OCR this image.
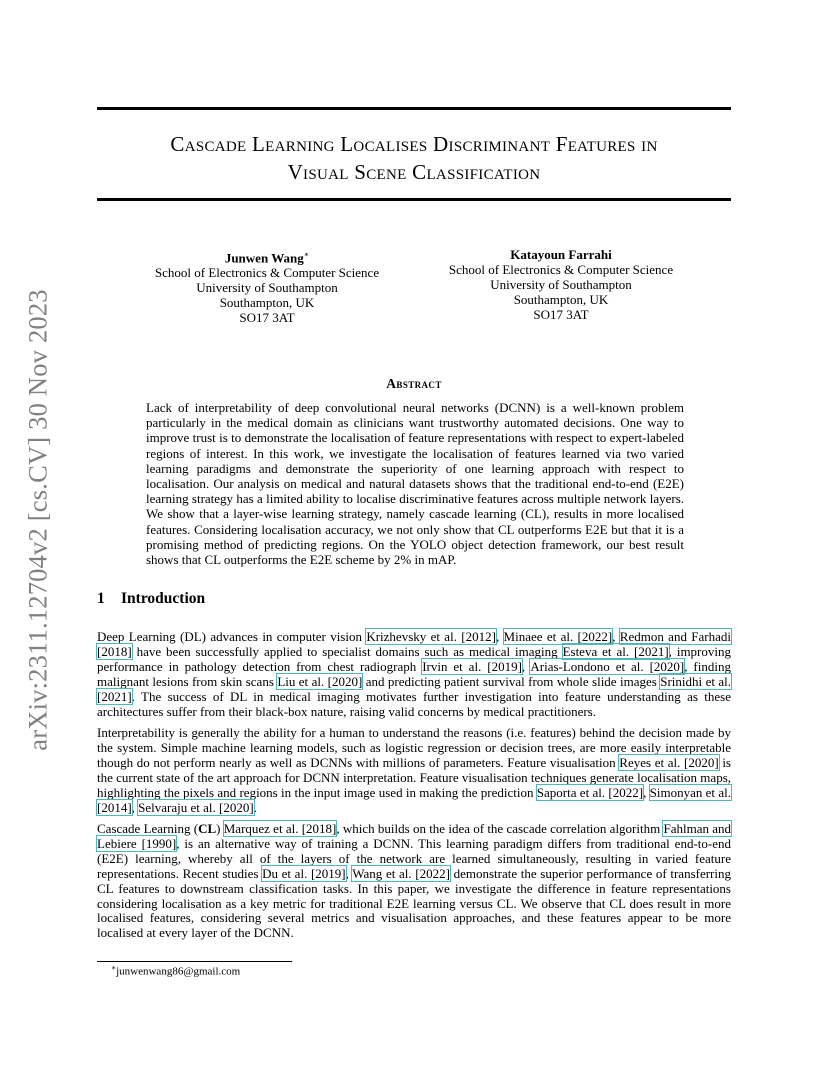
Cascade Learning Localises Discriminant Features in
Visual Scene Classification
arXiv:2311.12704v2 [cs.CV] 30 Nov 2023
Junwen Wang∗
School of Electronics & Computer Science
University of Southampton
Southampton, UK
SO17 3AT
Katayoun Farrahi
School of Electronics & Computer Science
University of Southampton
Southampton, UK
SO17 3AT
Abstract
Lack of interpretability of deep convolutional neural networks (DCNN) is a well-known problem particularly in the medical domain as clinicians want trustworthy automated decisions. One way to improve trust is to demonstrate the localisation of feature representations with respect to expert-labeled regions of interest. In this work, we investigate the localisation of features learned via two varied learning paradigms and demonstrate the superiority of one learning approach with respect to localisation. Our analysis on medical and natural datasets shows that the traditional end-to-end (E2E) learning strategy has a limited ability to localise discriminative features across multiple network layers. We show that a layer-wise learning strategy, namely cascade learning (CL), results in more localised features. Considering localisation accuracy, we not only show that CL outperforms E2E but that it is a promising method of predicting regions. On the YOLO object detection framework, our best result shows that CL outperforms the E2E scheme by 2% in mAP.
1 Introduction
Deep Learning (DL) advances in computer vision Krizhevsky et al. [2012], Minaee et al. [2022], Redmon and Farhadi [2018] have been successfully applied to specialist domains such as medical imaging Esteva et al. [2021], improving performance in pathology detection from chest radiograph Irvin et al. [2019], Arias-Londono et al. [2020], finding malignant lesions from skin scans Liu et al. [2020] and predicting patient survival from whole slide images Srinidhi et al. [2021]. The success of DL in medical imaging motivates further investigation into feature understanding as these architectures suffer from their black-box nature, raising valid concerns by medical practitioners.
Interpretability is generally the ability for a human to understand the reasons (i.e. features) behind the decision made by the system. Simple machine learning models, such as logistic regression or decision trees, are more easily interpretable though do not perform nearly as well as DCNNs with millions of parameters. Feature visualisation Reyes et al. [2020] is the current state of the art approach for DCNN interpretation. Feature visualisation techniques generate localisation maps, highlighting the pixels and regions in the input image used in making the prediction Saporta et al. [2022], Simonyan et al. [2014], Selvaraju et al. [2020].
Cascade Learning (CL) Marquez et al. [2018], which builds on the idea of the cascade correlation algorithm Fahlman and Lebiere [1990], is an alternative way of training a DCNN. This learning paradigm differs from traditional end-to-end (E2E) learning, whereby all of the layers of the network are learned simultaneously, resulting in varied feature representations. Recent studies Du et al. [2019], Wang et al. [2022] demonstrate the superior performance of transferring CL features to downstream classification tasks. In this paper, we investigate the difference in feature representations considering localisation as a key metric for traditional E2E learning versus CL. We observe that CL does result in more localised features, considering several metrics and visualisation approaches, and these features appear to be more localised at every layer of the DCNN.
∗junwenwang86@gmail.com
